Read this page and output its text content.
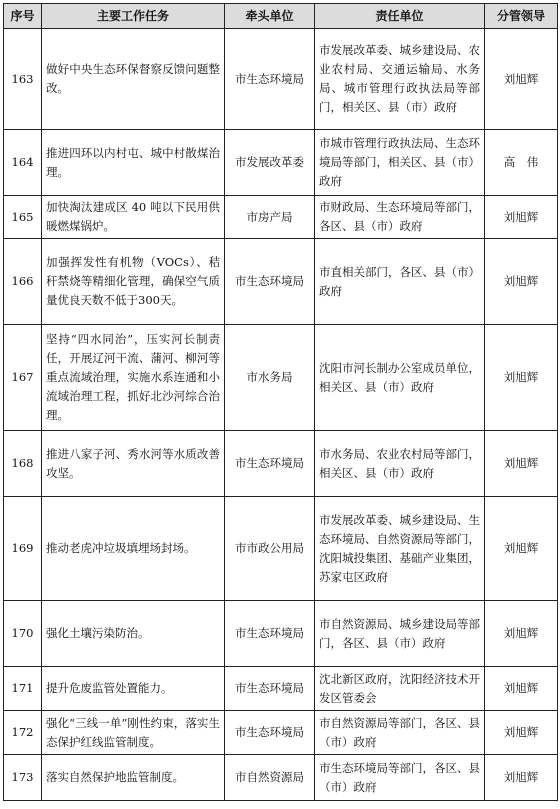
序号	主要工作任务	牵头单位	责任单位	分管领导
163	做好中央生态环保督察反馈问题整改。	市生态环境局	市发展改革委、城乡建设局、农业农村局、交通运输局、水务局、城市管理行政执法局等部门，相关区、县（市）政府	刘旭辉
164	推进四环以内村屯、城中村散煤治理。	市发展改革委	市城市管理行政执法局、生态环境局等部门，相关区、县（市）政府	高　伟
165	加快淘汰建成区 40 吨以下民用供暖燃煤锅炉。	市房产局	市财政局、生态环境局等部门，各区、县（市）政府	刘旭辉
166	加强挥发性有机物（VOCs）、秸秆禁烧等精细化管理，确保空气质量优良天数不低于300天。	市生态环境局	市直相关部门，各区、县（市）政府	刘旭辉
167	坚持“四水同治”，压实河长制责任，开展辽河干流、蒲河、柳河等重点流域治理，实施水系连通和小流域治理工程，抓好北沙河综合治理。	市水务局	沈阳市河长制办公室成员单位，相关区、县（市）政府	刘旭辉
168	推进八家子河、秀水河等水质改善攻坚。	市生态环境局	市水务局、农业农村局等部门，相关区、县（市）政府	刘旭辉
169	推动老虎冲垃圾填埋场封场。	市市政公用局	市发展改革委、城乡建设局、生态环境局、自然资源局等部门，沈阳城投集团、基础产业集团，苏家屯区政府	刘旭辉
170	强化土壤污染防治。	市生态环境局	市自然资源局、城乡建设局等部门，各区、县（市）政府	刘旭辉
171	提升危废监管处置能力。	市生态环境局	沈北新区政府，沈阳经济技术开发区管委会	刘旭辉
172	强化“三线一单”刚性约束，落实生态保护红线监管制度。	市生态环境局	市自然资源局等部门，各区、县（市）政府	刘旭辉
173	落实自然保护地监管制度。	市自然资源局	市生态环境局等部门，各区、县（市）政府	刘旭辉
